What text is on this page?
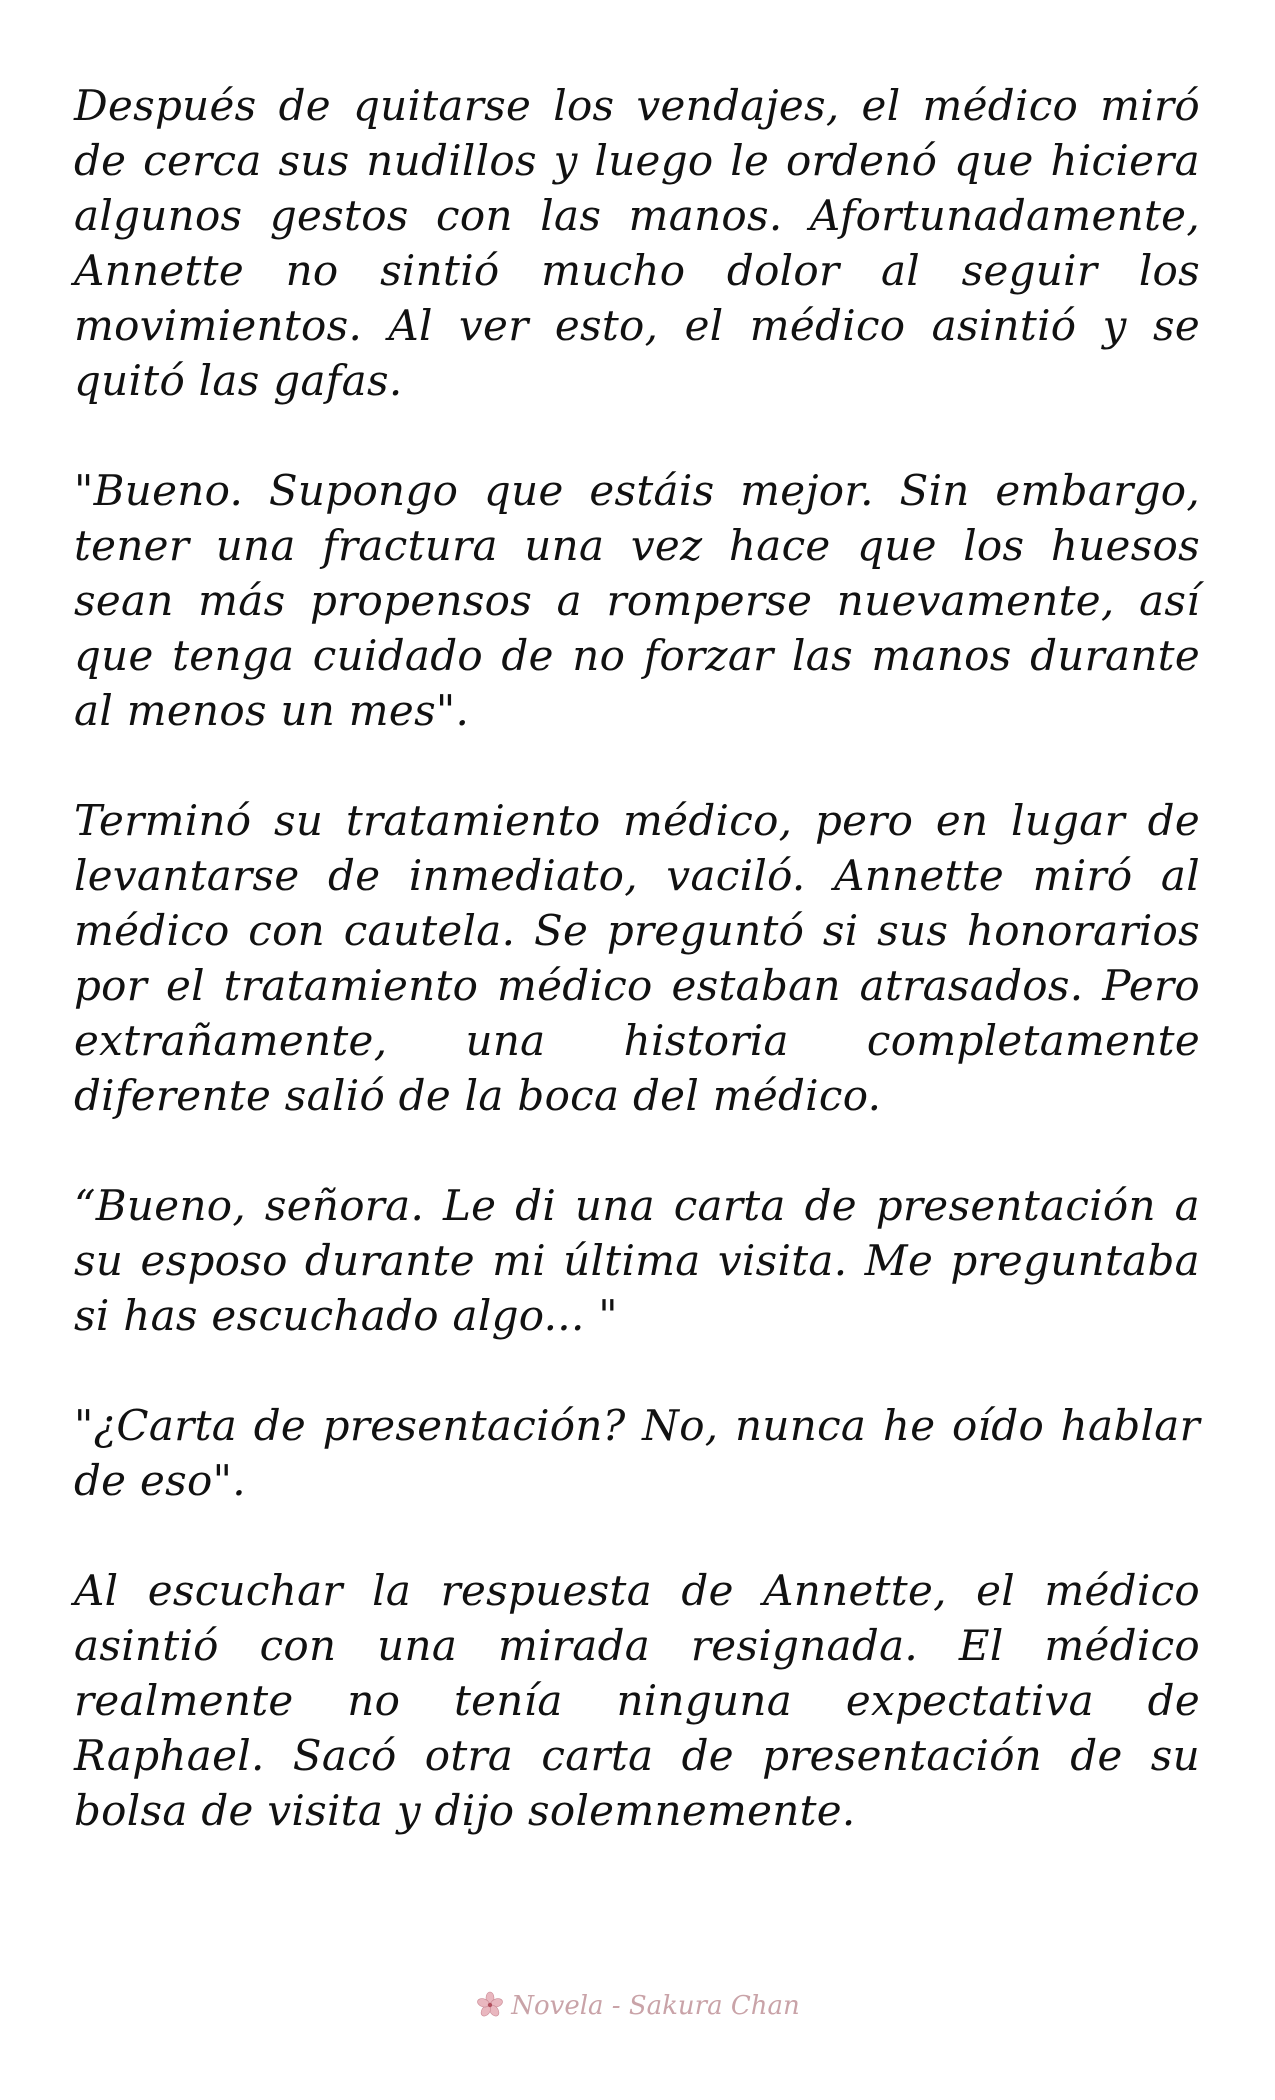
Después de quitarse los vendajes, el médico miró de cerca sus nudillos y luego le ordenó que hiciera algunos gestos con las manos. Afortunadamente, Annette no sintió mucho dolor al seguir los movimientos. Al ver esto, el médico asintió y se quitó las gafas.

"Bueno. Supongo que estáis mejor. Sin embargo, tener una fractura una vez hace que los huesos sean más propensos a romperse nuevamente, así que tenga cuidado de no forzar las manos durante al menos un mes".

Terminó su tratamiento médico, pero en lugar de levantarse de inmediato, vaciló. Annette miró al médico con cautela. Se preguntó si sus honorarios por el tratamiento médico estaban atrasados. Pero extrañamente, una historia completamente diferente salió de la boca del médico.

“Bueno, señora. Le di una carta de presentación a su esposo durante mi última visita. Me preguntaba si has escuchado algo... "

"¿Carta de presentación? No, nunca he oído hablar de eso".

Al escuchar la respuesta de Annette, el médico asintió con una mirada resignada. El médico realmente no tenía ninguna expectativa de Raphael. Sacó otra carta de presentación de su bolsa de visita y dijo solemnemente.

Novela - Sakura Chan
